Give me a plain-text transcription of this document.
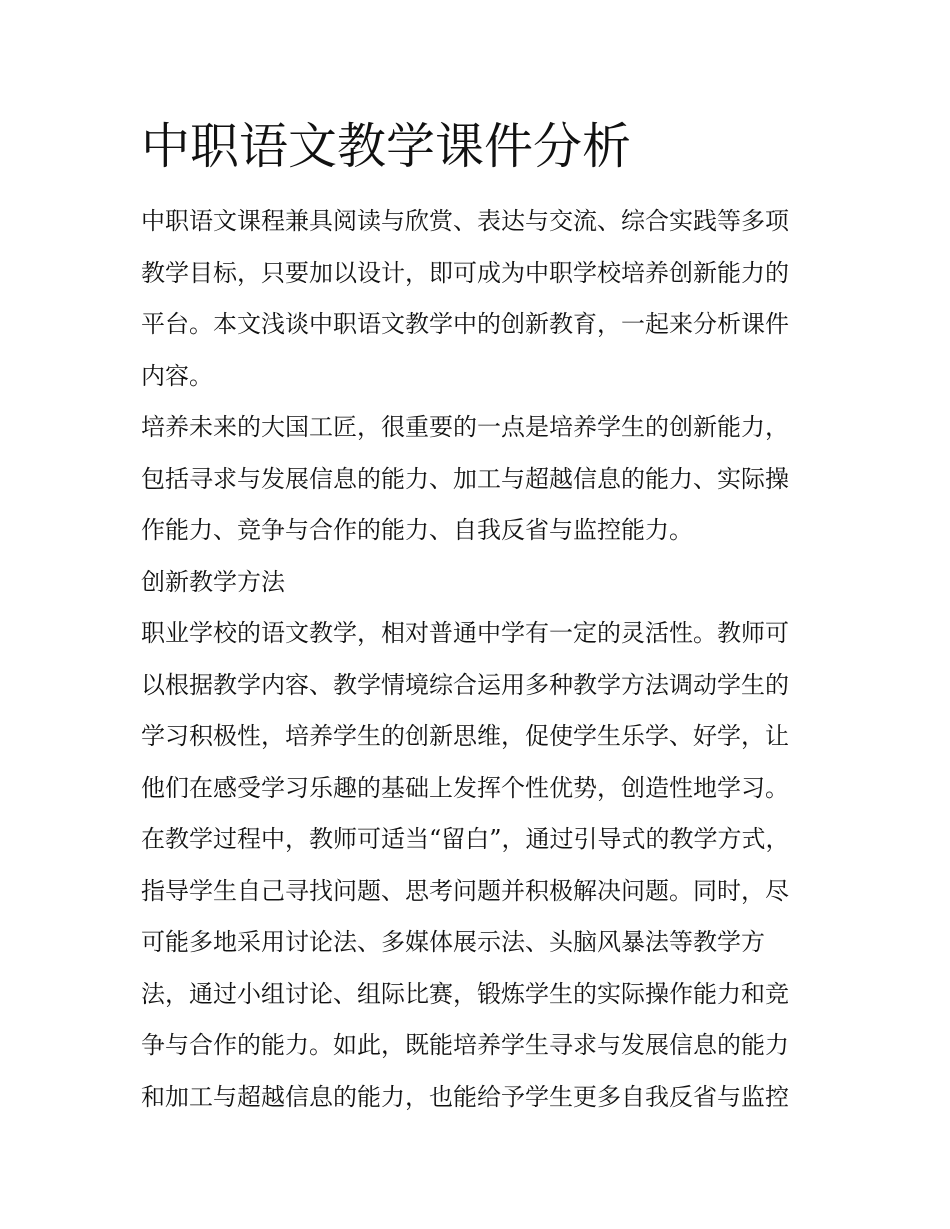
中职语文教学课件分析
中职语文课程兼具阅读与欣赏、表达与交流、综合实践等多项
教学目标，只要加以设计，即可成为中职学校培养创新能力的
平台。本文浅谈中职语文教学中的创新教育，一起来分析课件
内容。
培养未来的大国工匠，很重要的一点是培养学生的创新能力，
包括寻求与发展信息的能力、加工与超越信息的能力、实际操
作能力、竞争与合作的能力、自我反省与监控能力。
创新教学方法
职业学校的语文教学，相对普通中学有一定的灵活性。教师可
以根据教学内容、教学情境综合运用多种教学方法调动学生的
学习积极性，培养学生的创新思维，促使学生乐学、好学，让
他们在感受学习乐趣的基础上发挥个性优势，创造性地学习。
在教学过程中，教师可适当“留白”，通过引导式的教学方式，
指导学生自己寻找问题、思考问题并积极解决问题。同时，尽
可能多地采用讨论法、多媒体展示法、头脑风暴法等教学方
法，通过小组讨论、组际比赛，锻炼学生的实际操作能力和竞
争与合作的能力。如此，既能培养学生寻求与发展信息的能力
和加工与超越信息的能力，也能给予学生更多自我反省与监控
